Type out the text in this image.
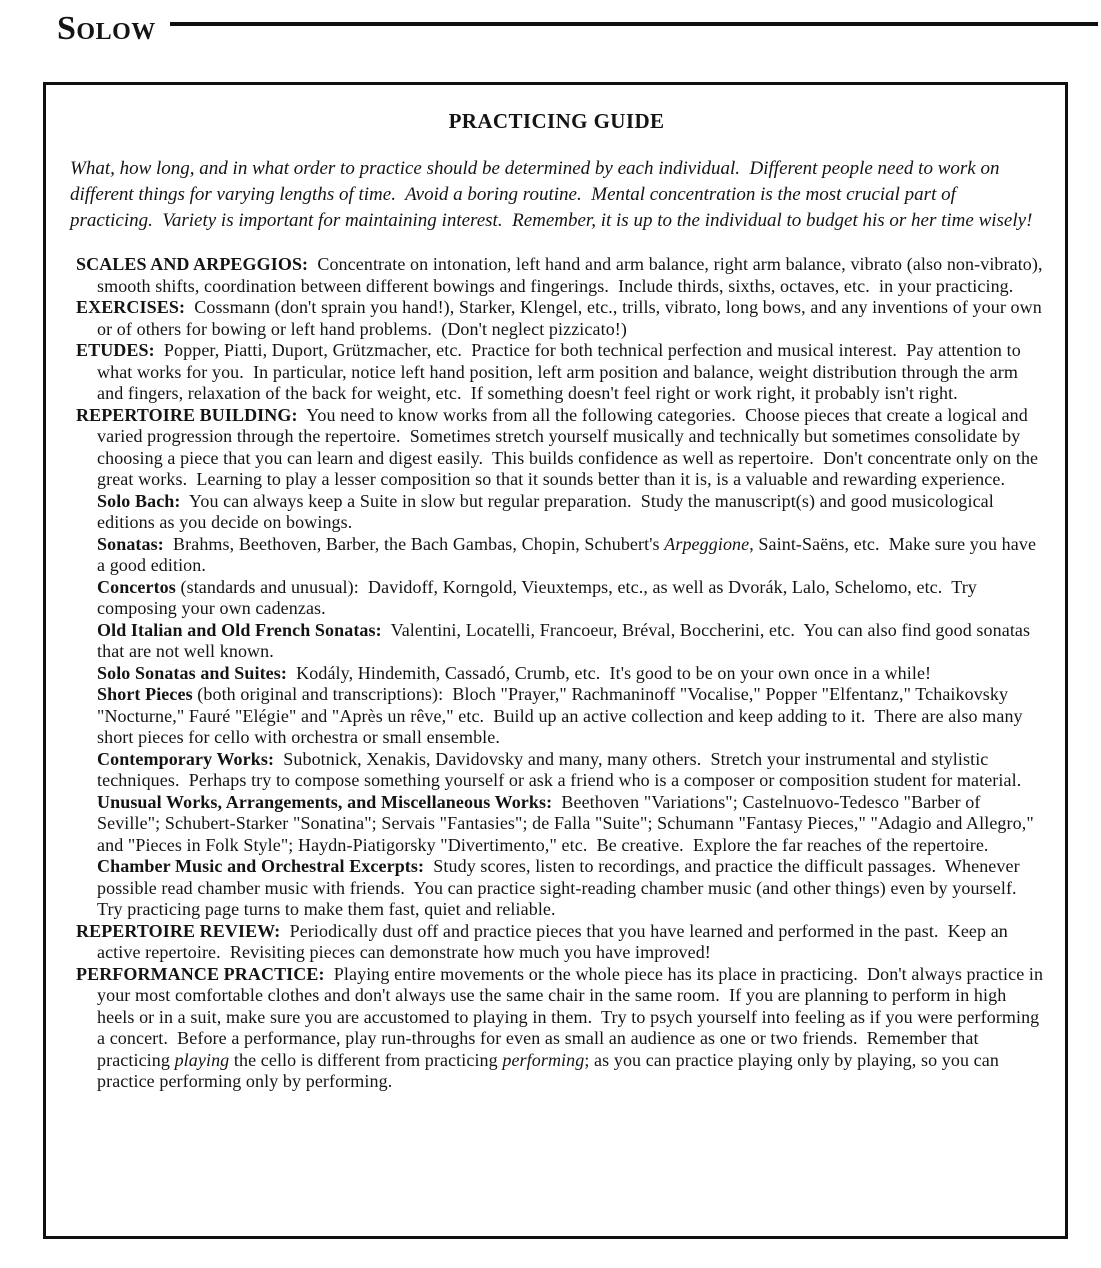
Solow
PRACTICING GUIDE

What, how long, and in what order to practice should be determined by each individual.  Different people need to work on different things for varying lengths of time.  Avoid a boring routine.  Mental concentration is the most crucial part of practicing.  Variety is important for maintaining interest.  Remember, it is up to the individual to budget his or her time wisely!

SCALES AND ARPEGGIOS:  Concentrate on intonation, left hand and arm balance, right arm balance, vibrato (also non-vibrato), smooth shifts, coordination between different bowings and fingerings.  Include thirds, sixths, octaves, etc.  in your practicing.

EXERCISES:  Cossmann (don't sprain you hand!), Starker, Klengel, etc., trills, vibrato, long bows, and any inventions of your own or of others for bowing or left hand problems.  (Don't neglect pizzicato!)

ETUDES:  Popper, Piatti, Duport, Grützmacher, etc.  Practice for both technical perfection and musical interest.  Pay attention to what works for you.  In particular, notice left hand position, left arm position and balance, weight distribution through the arm and fingers, relaxation of the back for weight, etc.  If something doesn't feel right or work right, it probably isn't right.

REPERTOIRE BUILDING:  You need to know works from all the following categories.  Choose pieces that create a logical and varied progression through the repertoire.  Sometimes stretch yourself musically and technically but sometimes consolidate by choosing a piece that you can learn and digest easily.  This builds confidence as well as repertoire.  Don't concentrate only on the great works.  Learning to play a lesser composition so that it sounds better than it is, is a valuable and rewarding experience.

Solo Bach:  You can always keep a Suite in slow but regular preparation.  Study the manuscript(s) and good musicological editions as you decide on bowings.

Sonatas:  Brahms, Beethoven, Barber, the Bach Gambas, Chopin, Schubert's Arpeggione, Saint-Saëns, etc.  Make sure you have a good edition.

Concertos (standards and unusual):  Davidoff, Korngold, Vieuxtemps, etc., as well as Dvorák, Lalo, Schelomo, etc.  Try composing your own cadenzas.

Old Italian and Old French Sonatas:  Valentini, Locatelli, Francoeur, Bréval, Boccherini, etc.  You can also find good sonatas that are not well known.

Solo Sonatas and Suites:  Kodály, Hindemith, Cassadó, Crumb, etc.  It's good to be on your own once in a while!

Short Pieces (both original and transcriptions):  Bloch "Prayer," Rachmaninoff "Vocalise," Popper "Elfentanz," Tchaikovsky "Nocturne," Fauré "Elégie" and "Après un rêve," etc.  Build up an active collection and keep adding to it.  There are also many short pieces for cello with orchestra or small ensemble.

Contemporary Works:  Subotnick, Xenakis, Davidovsky and many, many others.  Stretch your instrumental and stylistic techniques.  Perhaps try to compose something yourself or ask a friend who is a composer or composition student for material.

Unusual Works, Arrangements, and Miscellaneous Works:  Beethoven "Variations"; Castelnuovo-Tedesco "Barber of Seville"; Schubert-Starker "Sonatina"; Servais "Fantasies"; de Falla "Suite"; Schumann "Fantasy Pieces," "Adagio and Allegro," and "Pieces in Folk Style"; Haydn-Piatigorsky "Divertimento," etc.  Be creative.  Explore the far reaches of the repertoire.

Chamber Music and Orchestral Excerpts:  Study scores, listen to recordings, and practice the difficult passages.  Whenever possible read chamber music with friends.  You can practice sight-reading chamber music (and other things) even by yourself.  Try practicing page turns to make them fast, quiet and reliable.

REPERTOIRE REVIEW:  Periodically dust off and practice pieces that you have learned and performed in the past.  Keep an active repertoire.  Revisiting pieces can demonstrate how much you have improved!

PERFORMANCE PRACTICE:  Playing entire movements or the whole piece has its place in practicing.  Don't always practice in your most comfortable clothes and don't always use the same chair in the same room.  If you are planning to perform in high heels or in a suit, make sure you are accustomed to playing in them.  Try to psych yourself into feeling as if you were performing a concert.  Before a performance, play run-throughs for even as small an audience as one or two friends.  Remember that practicing playing the cello is different from practicing performing; as you can practice playing only by playing, so you can practice performing only by performing.
